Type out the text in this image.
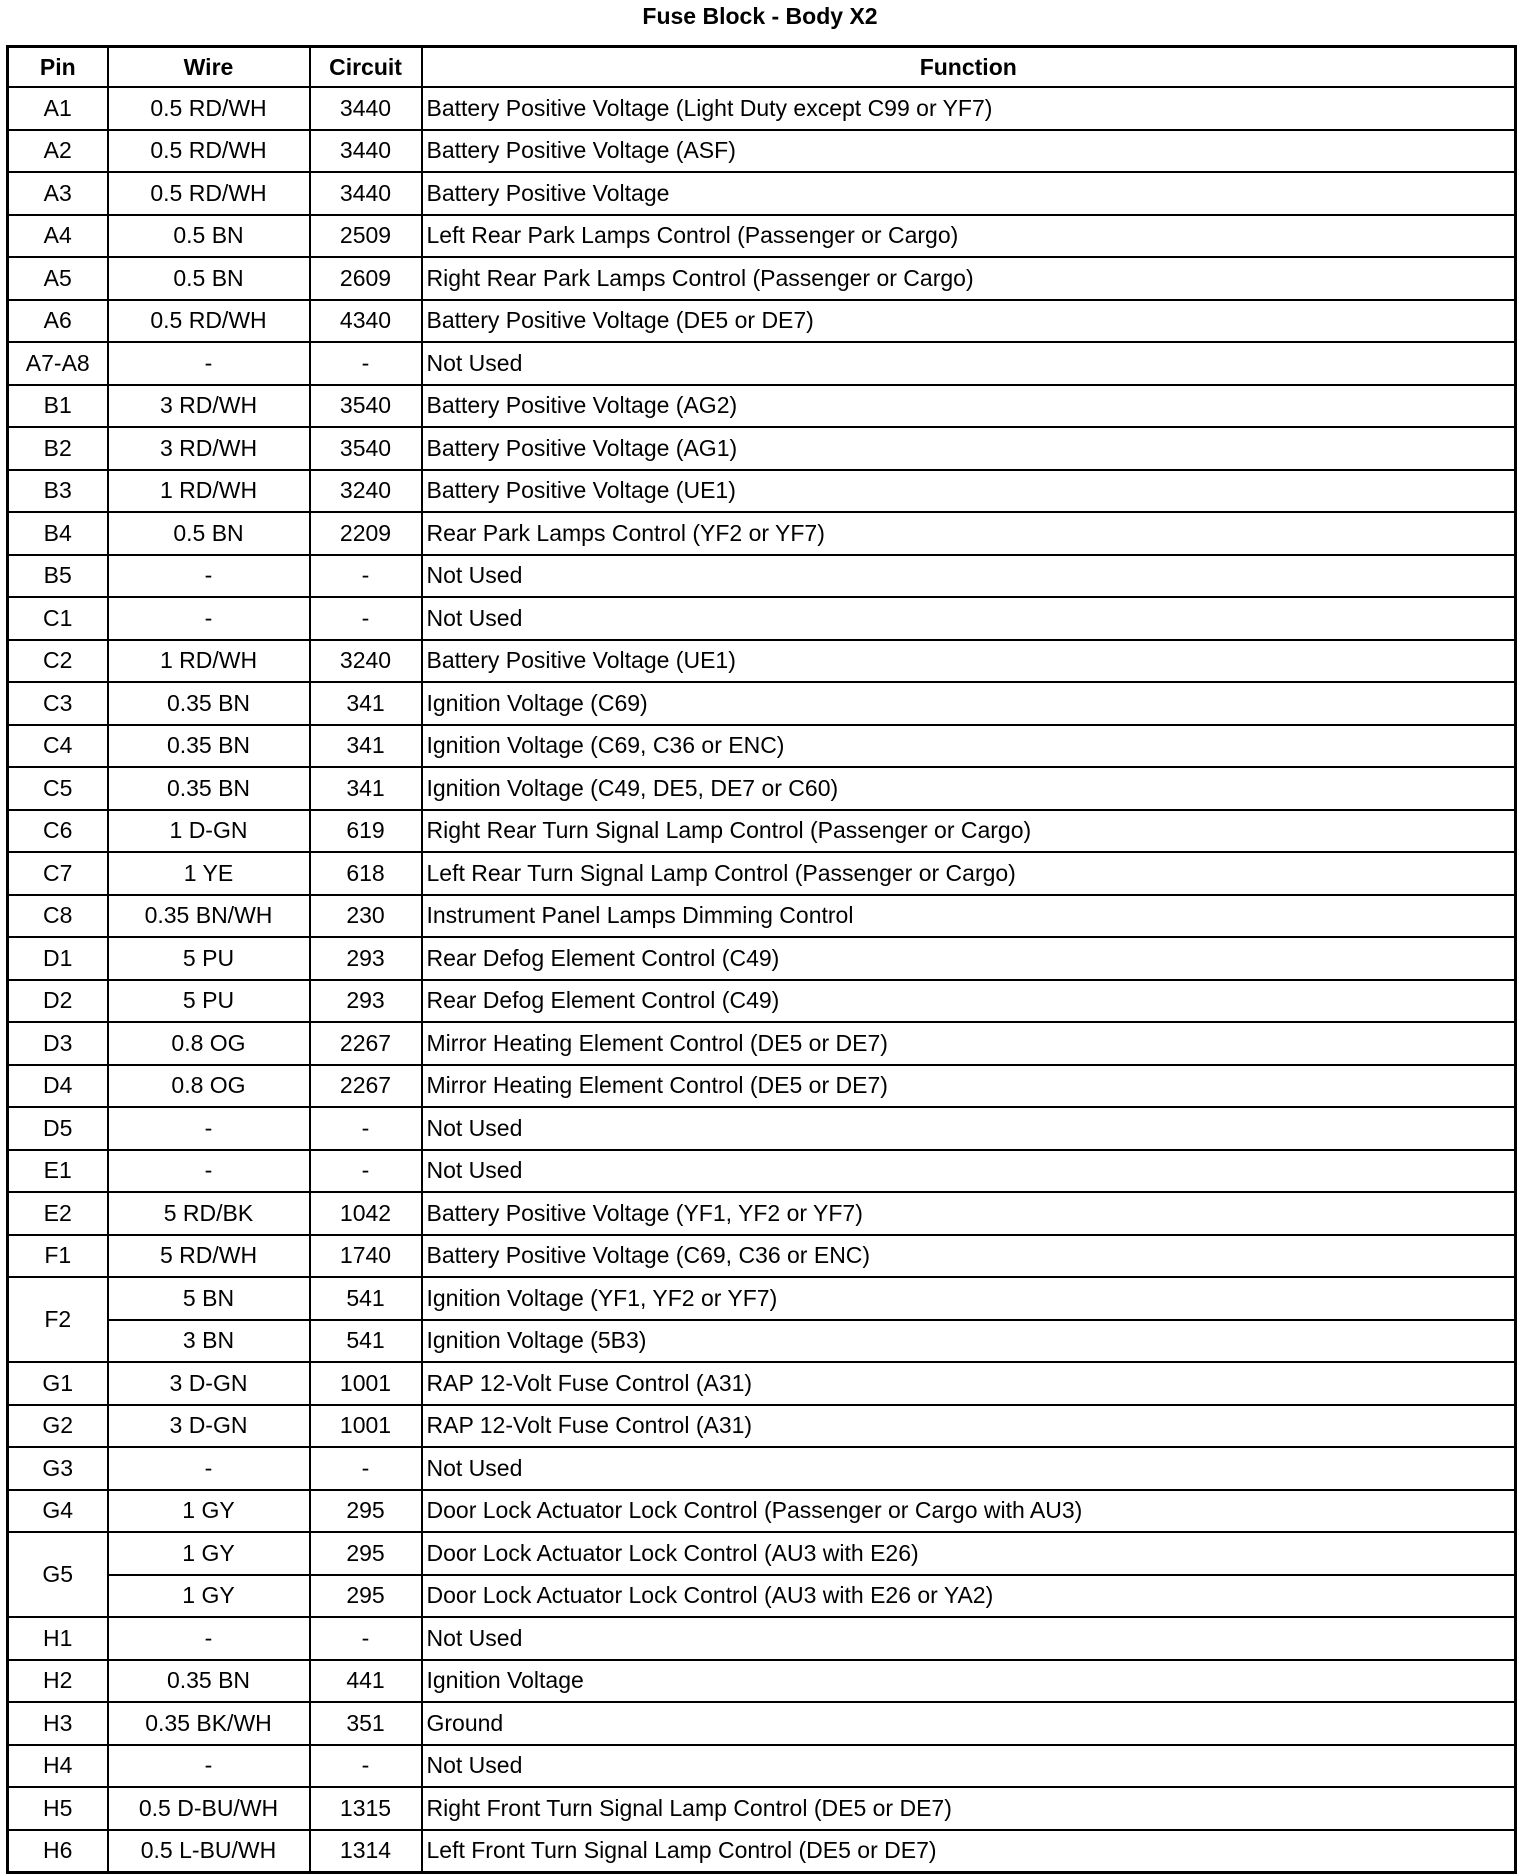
Fuse Block - Body X2
Pin	Wire	Circuit	Function
A1	0.5 RD/WH	3440	Battery Positive Voltage (Light Duty except C99 or YF7)
A2	0.5 RD/WH	3440	Battery Positive Voltage (ASF)
A3	0.5 RD/WH	3440	Battery Positive Voltage
A4	0.5 BN	2509	Left Rear Park Lamps Control (Passenger or Cargo)
A5	0.5 BN	2609	Right Rear Park Lamps Control (Passenger or Cargo)
A6	0.5 RD/WH	4340	Battery Positive Voltage (DE5 or DE7)
A7-A8	-	-	Not Used
B1	3 RD/WH	3540	Battery Positive Voltage (AG2)
B2	3 RD/WH	3540	Battery Positive Voltage (AG1)
B3	1 RD/WH	3240	Battery Positive Voltage (UE1)
B4	0.5 BN	2209	Rear Park Lamps Control (YF2 or YF7)
B5	-	-	Not Used
C1	-	-	Not Used
C2	1 RD/WH	3240	Battery Positive Voltage (UE1)
C3	0.35 BN	341	Ignition Voltage (C69)
C4	0.35 BN	341	Ignition Voltage (C69, C36 or ENC)
C5	0.35 BN	341	Ignition Voltage (C49, DE5, DE7 or C60)
C6	1 D-GN	619	Right Rear Turn Signal Lamp Control (Passenger or Cargo)
C7	1 YE	618	Left Rear Turn Signal Lamp Control (Passenger or Cargo)
C8	0.35 BN/WH	230	Instrument Panel Lamps Dimming Control
D1	5 PU	293	Rear Defog Element Control (C49)
D2	5 PU	293	Rear Defog Element Control (C49)
D3	0.8 OG	2267	Mirror Heating Element Control (DE5 or DE7)
D4	0.8 OG	2267	Mirror Heating Element Control (DE5 or DE7)
D5	-	-	Not Used
E1	-	-	Not Used
E2	5 RD/BK	1042	Battery Positive Voltage (YF1, YF2 or YF7)
F1	5 RD/WH	1740	Battery Positive Voltage (C69, C36 or ENC)
F2	5 BN	541	Ignition Voltage (YF1, YF2 or YF7)
	3 BN	541	Ignition Voltage (5B3)
G1	3 D-GN	1001	RAP 12-Volt Fuse Control (A31)
G2	3 D-GN	1001	RAP 12-Volt Fuse Control (A31)
G3	-	-	Not Used
G4	1 GY	295	Door Lock Actuator Lock Control (Passenger or Cargo with AU3)
G5	1 GY	295	Door Lock Actuator Lock Control (AU3 with E26)
	1 GY	295	Door Lock Actuator Lock Control (AU3 with E26 or YA2)
H1	-	-	Not Used
H2	0.35 BN	441	Ignition Voltage
H3	0.35 BK/WH	351	Ground
H4	-	-	Not Used
H5	0.5 D-BU/WH	1315	Right Front Turn Signal Lamp Control (DE5 or DE7)
H6	0.5 L-BU/WH	1314	Left Front Turn Signal Lamp Control (DE5 or DE7)
